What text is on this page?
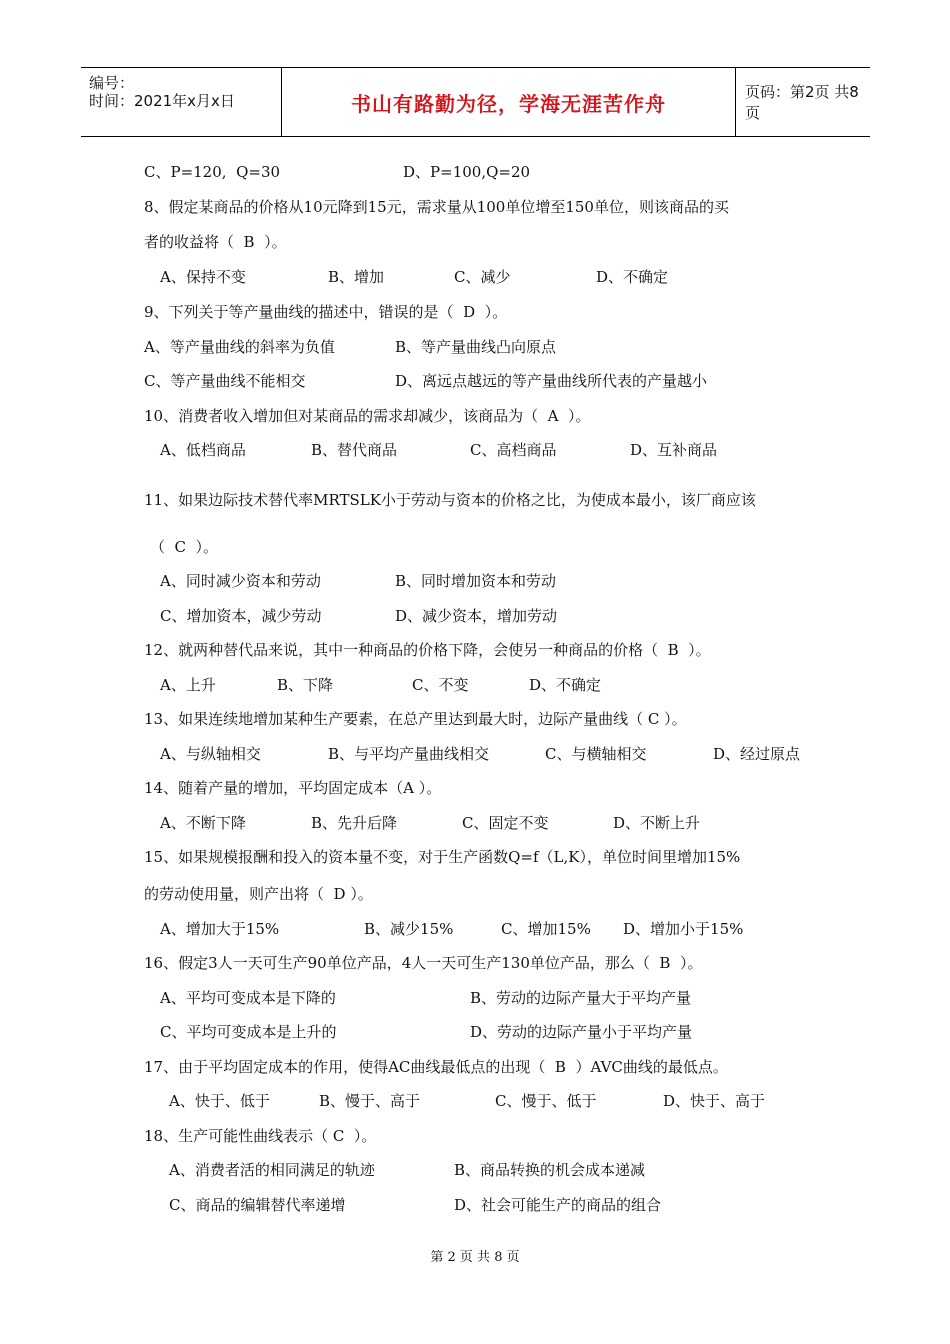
编号：
时间：2021年x月x日	书山有路勤为径，学海无涯苦作舟	页码：第2页 共8页
C、P=120,  Q=30	D、P=100,Q=20
8、假定某商品的价格从10元降到15元，需求量从100单位增至150单位，则该商品的买
者的收益将（  B  ）。
A、保持不变	B、增加	C、减少	D、不确定
9、下列关于等产量曲线的描述中，错误的是（  D  ）。
A、等产量曲线的斜率为负值	B、等产量曲线凸向原点
C、等产量曲线不能相交	D、离远点越远的等产量曲线所代表的产量越小
10、消费者收入增加但对某商品的需求却减少，该商品为（  A  ）。
A、低档商品	B、替代商品	C、高档商品	D、互补商品
11、如果边际技术替代率MRTSLK小于劳动与资本的价格之比，为使成本最小，该厂商应该
（  C  ）。
A、同时减少资本和劳动	B、同时增加资本和劳动
C、增加资本，减少劳动	D、减少资本，增加劳动
12、就两种替代品来说，其中一种商品的价格下降，会使另一种商品的价格（  B  ）。
A、上升	B、下降	C、不变	D、不确定
13、如果连续地增加某种生产要素，在总产里达到最大时，边际产量曲线（ C ）。
A、与纵轴相交	B、与平均产量曲线相交	C、与横轴相交	D、经过原点
14、随着产量的增加，平均固定成本（A ）。
A、不断下降	B、先升后降	C、固定不变	D、不断上升
15、如果规模报酬和投入的资本量不变，对于生产函数Q=f（L,K），单位时间里增加15%
的劳动使用量，则产出将（  D ）。
A、增加大于15%	B、减少15%	C、增加15% D、增加小于15%
16、假定3人一天可生产90单位产品，4人一天可生产130单位产品，那么（  B  ）。
A、平均可变成本是下降的	B、劳动的边际产量大于平均产量
C、平均可变成本是上升的	D、劳动的边际产量小于平均产量
17、由于平均固定成本的作用，使得AC曲线最低点的出现（  B  ）AVC曲线的最低点。
A、快于、低于	B、慢于、高于	C、慢于、低于	D、快于、高于
18、生产可能性曲线表示（ C  ）。
A、消费者活的相同满足的轨迹	B、商品转换的机会成本递减
C、商品的编辑替代率递增	D、社会可能生产的商品的组合
第 2 页 共 8 页
